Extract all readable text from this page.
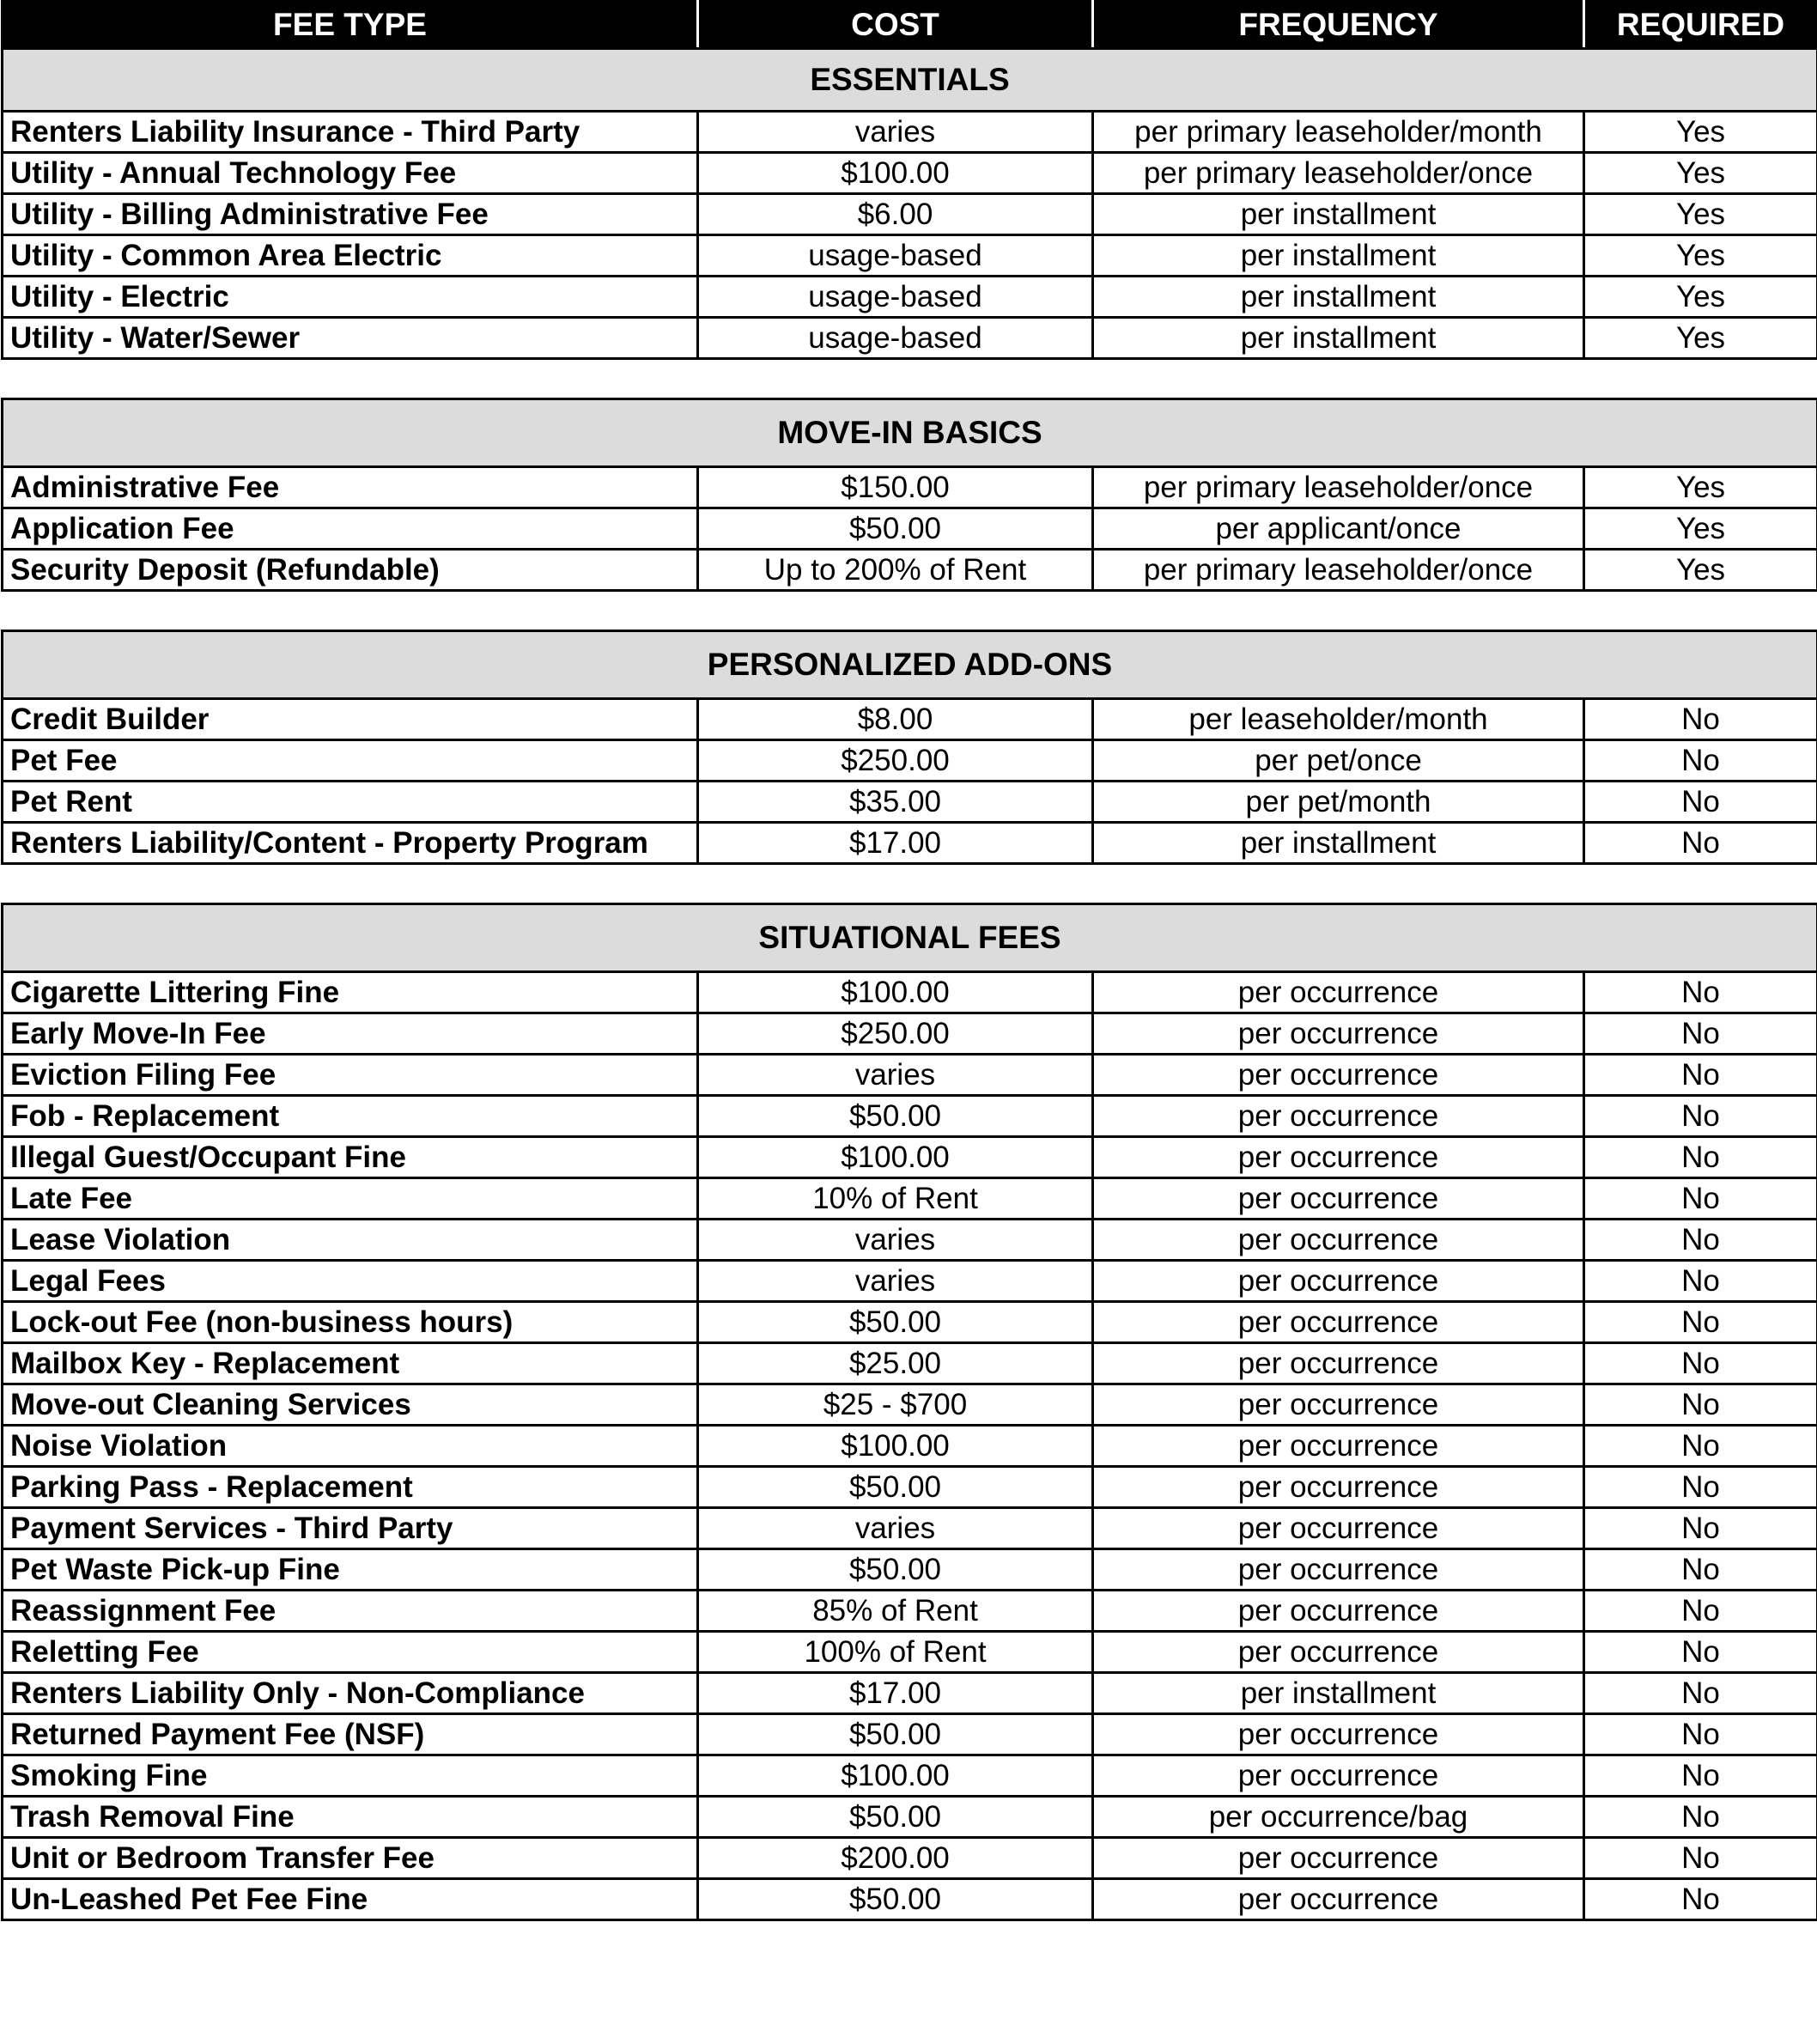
FEE TYPE	COST	FREQUENCY	REQUIRED
ESSENTIALS			
Renters Liability Insurance - Third Party	varies	per primary leaseholder/month	Yes
Utility - Annual Technology Fee	$100.00	per primary leaseholder/once	Yes
Utility - Billing Administrative Fee	$6.00	per installment	Yes
Utility - Common Area Electric	usage-based	per installment	Yes
Utility - Electric	usage-based	per installment	Yes
Utility - Water/Sewer	usage-based	per installment	Yes

MOVE-IN BASICS			
Administrative Fee	$150.00	per primary leaseholder/once	Yes
Application Fee	$50.00	per applicant/once	Yes
Security Deposit (Refundable)	Up to 200% of Rent	per primary leaseholder/once	Yes

PERSONALIZED ADD-ONS			
Credit Builder	$8.00	per leaseholder/month	No
Pet Fee	$250.00	per pet/once	No
Pet Rent	$35.00	per pet/month	No
Renters Liability/Content - Property Program	$17.00	per installment	No

SITUATIONAL FEES			
Cigarette Littering Fine	$100.00	per occurrence	No
Early Move-In Fee	$250.00	per occurrence	No
Eviction Filing Fee	varies	per occurrence	No
Fob - Replacement	$50.00	per occurrence	No
Illegal Guest/Occupant Fine	$100.00	per occurrence	No
Late Fee	10% of Rent	per occurrence	No
Lease Violation	varies	per occurrence	No
Legal Fees	varies	per occurrence	No
Lock-out Fee (non-business hours)	$50.00	per occurrence	No
Mailbox Key - Replacement	$25.00	per occurrence	No
Move-out Cleaning Services	$25 - $700	per occurrence	No
Noise Violation	$100.00	per occurrence	No
Parking Pass - Replacement	$50.00	per occurrence	No
Payment Services - Third Party	varies	per occurrence	No
Pet Waste Pick-up Fine	$50.00	per occurrence	No
Reassignment Fee	85% of Rent	per occurrence	No
Reletting Fee	100% of Rent	per occurrence	No
Renters Liability Only - Non-Compliance	$17.00	per installment	No
Returned Payment Fee (NSF)	$50.00	per occurrence	No
Smoking Fine	$100.00	per occurrence	No
Trash Removal Fine	$50.00	per occurrence/bag	No
Unit or Bedroom Transfer Fee	$200.00	per occurrence	No
Un-Leashed Pet Fee Fine	$50.00	per occurrence	No
